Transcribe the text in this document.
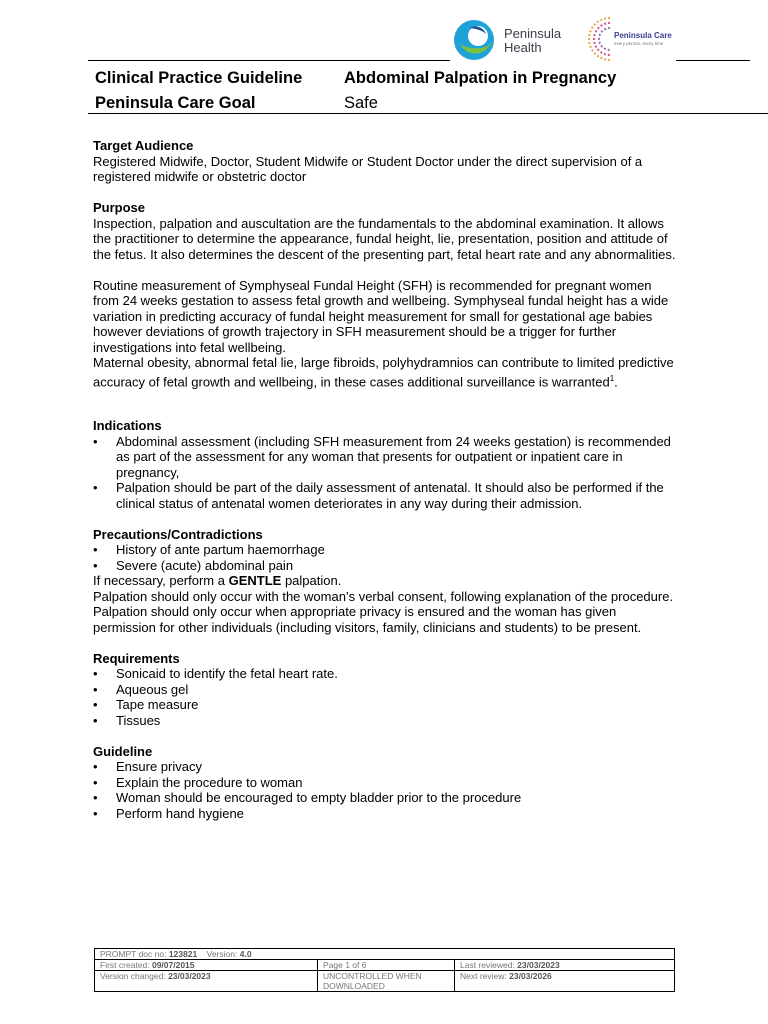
Peninsula
Health
Peninsula Care
every person, every time
Clinical Practice Guideline	Abdominal Palpation in Pregnancy
Peninsula Care Goal	Safe
Target Audience

Registered Midwife, Doctor, Student Midwife or Student Doctor under the direct supervision of a registered midwife or obstetric doctor

Purpose

Inspection, palpation and auscultation are the fundamentals to the abdominal examination. It allows the practitioner to determine the appearance, fundal height, lie, presentation, position and attitude of the fetus. It also determines the descent of the presenting part, fetal heart rate and any abnormalities.

Routine measurement of Symphyseal Fundal Height (SFH) is recommended for pregnant women from 24 weeks gestation to assess fetal growth and wellbeing. Symphyseal fundal height has a wide variation in predicting accuracy of fundal height measurement for small for gestational age babies however deviations of growth trajectory in SFH measurement should be a trigger for further investigations into fetal wellbeing.

Maternal obesity, abnormal fetal lie, large fibroids, polyhydramnios can contribute to limited predictive accuracy of fetal growth and wellbeing, in these cases additional surveillance is warranted$^1$.

Indications
• Abdominal assessment (including SFH measurement from 24 weeks gestation) is recommended as part of the assessment for any woman that presents for outpatient or inpatient care in pregnancy,
• Palpation should be part of the daily assessment of antenatal. It should also be performed if the clinical status of antenatal women deteriorates in any way during their admission.
Precautions/Contradictions
• History of ante partum haemorrhage
• Severe (acute) abdominal pain

If necessary, perform a GENTLE palpation.

Palpation should only occur with the woman’s verbal consent, following explanation of the procedure.

Palpation should only occur when appropriate privacy is ensured and the woman has given permission for other individuals (including visitors, family, clinicians and students) to be present.

Requirements
• Sonicaid to identify the fetal heart rate.
• Aqueous gel
• Tape measure
• Tissues
Guideline
• Ensure privacy
• Explain the procedure to woman
• Woman should be encouraged to empty bladder prior to the procedure
• Perform hand hygiene
PROMPT doc no: 123821 Version: 4.0		
First created: 09/07/2015	Page 1 of 6	Last reviewed: 23/03/2023
Version changed: 23/03/2023	UNCONTROLLED WHEN DOWNLOADED	Next review: 23/03/2026
